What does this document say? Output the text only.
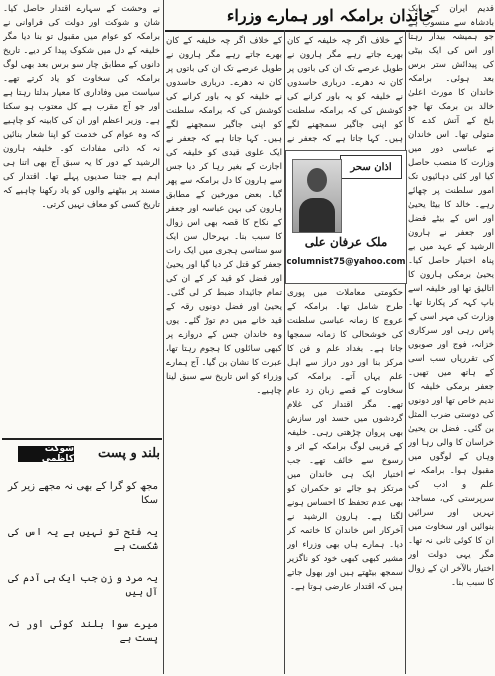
خاندان برامکہ اور ہمارے وزراء

قدیم ایران کے ایک بادشاہ سے منسوب ہے جو ہمیشہ بیدار رہتا اور اس کی ایک بیٹی کی پیدائش ستر برس بعد ہوئی۔ برامکہ خاندان کا مورث اعلیٰ خالد بن برمک تھا جو بلخ کے آتش کدے کا متولی تھا۔ اس خاندان نے عباسی دور میں وزارت کا منصب حاصل کیا اور کئی دہائیوں تک امور سلطنت پر چھائے رہے۔ خالد کا بیٹا یحییٰ اور اس کے بیٹے فضل اور جعفر نے ہارون الرشید کے عہد میں بے پناہ اختیار حاصل کیا۔ یحییٰ برمکی ہارون کا اتالیق تھا اور خلیفہ اسے باپ کہہ کر پکارتا تھا۔ وزارت کی مہر اسی کے پاس رہی اور سرکاری خزانہ، فوج اور صوبوں کی تقرریاں سب اسی کے ہاتھ میں تھیں۔ جعفر برمکی خلیفہ کا ندیم خاص تھا اور دونوں کی دوستی ضرب المثل بن گئی۔ فضل بن یحییٰ خراسان کا والی رہا اور وہاں کے لوگوں میں مقبول ہوا۔ برامکہ نے علم و ادب کی سرپرستی کی، مساجد، نہریں اور سرائیں بنوائیں اور سخاوت میں ان کا کوئی ثانی نہ تھا۔ مگر یہی دولت اور اختیار بالآخر ان کے زوال کا سبب بنا۔

اذان سحر
ملک عرفان علی
columnist75@yahoo.com

کے خلاف اگر چہ خلیفہ کے کان بھرے جاتے رہے مگر ہارون نے طویل عرصے تک ان کی باتوں پر کان نہ دھرے۔ درباری حاسدوں نے خلیفہ کو یہ باور کرانے کی کوشش کی کہ برامکہ سلطنت کو اپنی جاگیر سمجھنے لگے ہیں۔ کہا جاتا ہے کہ جعفر نے

حکومتی معاملات میں پوری طرح شامل تھا۔ برامکہ کے عروج کا زمانہ عباسی سلطنت کی خوشحالی کا زمانہ سمجھا جاتا ہے۔ بغداد علم و فن کا مرکز بنا اور دور دراز سے اہل علم یہاں آتے۔ برامکہ کی سخاوت کے قصے زبان زد عام تھے۔ مگر اقتدار کی غلام گردشوں میں حسد اور سازش بھی پروان چڑھتی رہی۔ خلیفہ کے قریبی لوگ برامکہ کے اثر و رسوخ سے خائف تھے۔ جب اختیار ایک ہی خاندان میں مرتکز ہو جائے تو حکمران کو بھی عدم تحفظ کا احساس ہونے لگتا ہے۔ ہارون الرشید نے آخرکار اس خاندان کا خاتمہ کر دیا۔ ہمارے ہاں بھی وزراء اور مشیر کبھی کبھی خود کو ناگزیر سمجھ بیٹھتے ہیں اور بھول جاتے ہیں کہ اقتدار عارضی ہوتا ہے۔

کے خلاف اگر چہ خلیفہ کے کان بھرے جاتے رہے مگر ہارون نے طویل عرصے تک ان کی باتوں پر کان نہ دھرے۔ درباری حاسدوں نے خلیفہ کو یہ باور کرانے کی کوشش کی کہ برامکہ سلطنت کو اپنی جاگیر سمجھنے لگے ہیں۔ کہا جاتا ہے کہ جعفر نے ایک علوی قیدی کو خلیفہ کی اجازت کے بغیر رہا کر دیا جس سے ہارون کا دل برامکہ سے پھر گیا۔ بعض مورخین کے مطابق ہارون کی بہن عباسہ اور جعفر کے نکاح کا قصہ بھی اس زوال کا سبب بنا۔ بہرحال سن ایک سو ستاسی ہجری میں ایک رات جعفر کو قتل کر دیا گیا اور یحییٰ اور فضل کو قید کر کے ان کی تمام جائیداد ضبط کر لی گئی۔ یحییٰ اور فضل دونوں رقہ کے قید خانے میں دم توڑ گئے۔ یوں وہ خاندان جس کے دروازے پر کبھی سائلوں کا ہجوم رہتا تھا، عبرت کا نشان بن گیا۔ آج ہمارے وزراء کو اس تاریخ سے سبق لینا چاہیے۔

نے وحشت کے سہارے اقتدار حاصل کیا۔ شان و شوکت اور دولت کی فراوانی نے برامکہ کو عوام میں مقبول تو بنا دیا مگر خلیفہ کے دل میں شکوک پیدا کر دیے۔ تاریخ دانوں کے مطابق چار سو برس بعد بھی لوگ برامکہ کی سخاوت کو یاد کرتے تھے۔ سیاست میں وفاداری کا معیار بدلتا رہتا ہے اور جو آج مقرب ہے کل معتوب ہو سکتا ہے۔ وزیر اعظم اور ان کی کابینہ کو چاہیے کہ وہ عوام کی خدمت کو اپنا شعار بنائیں نہ کہ ذاتی مفادات کو۔ خلیفہ ہارون الرشید کے دور کا یہ سبق آج بھی اتنا ہی اہم ہے جتنا صدیوں پہلے تھا۔ اقتدار کی مسند پر بیٹھنے والوں کو یاد رکھنا چاہیے کہ تاریخ کسی کو معاف نہیں کرتی۔

بلند و پست
شوکت کاظمی
مجھ کو گرا کے بھی نہ مجھے زیر کر سکا
یہ فتح تو نہیں ہے یہ اس کی شکست ہے
یہ مرد و زن جب ایک ہی آدم کی آل ہیں
میرے سوا بلند کوئی اور نہ پست ہے
